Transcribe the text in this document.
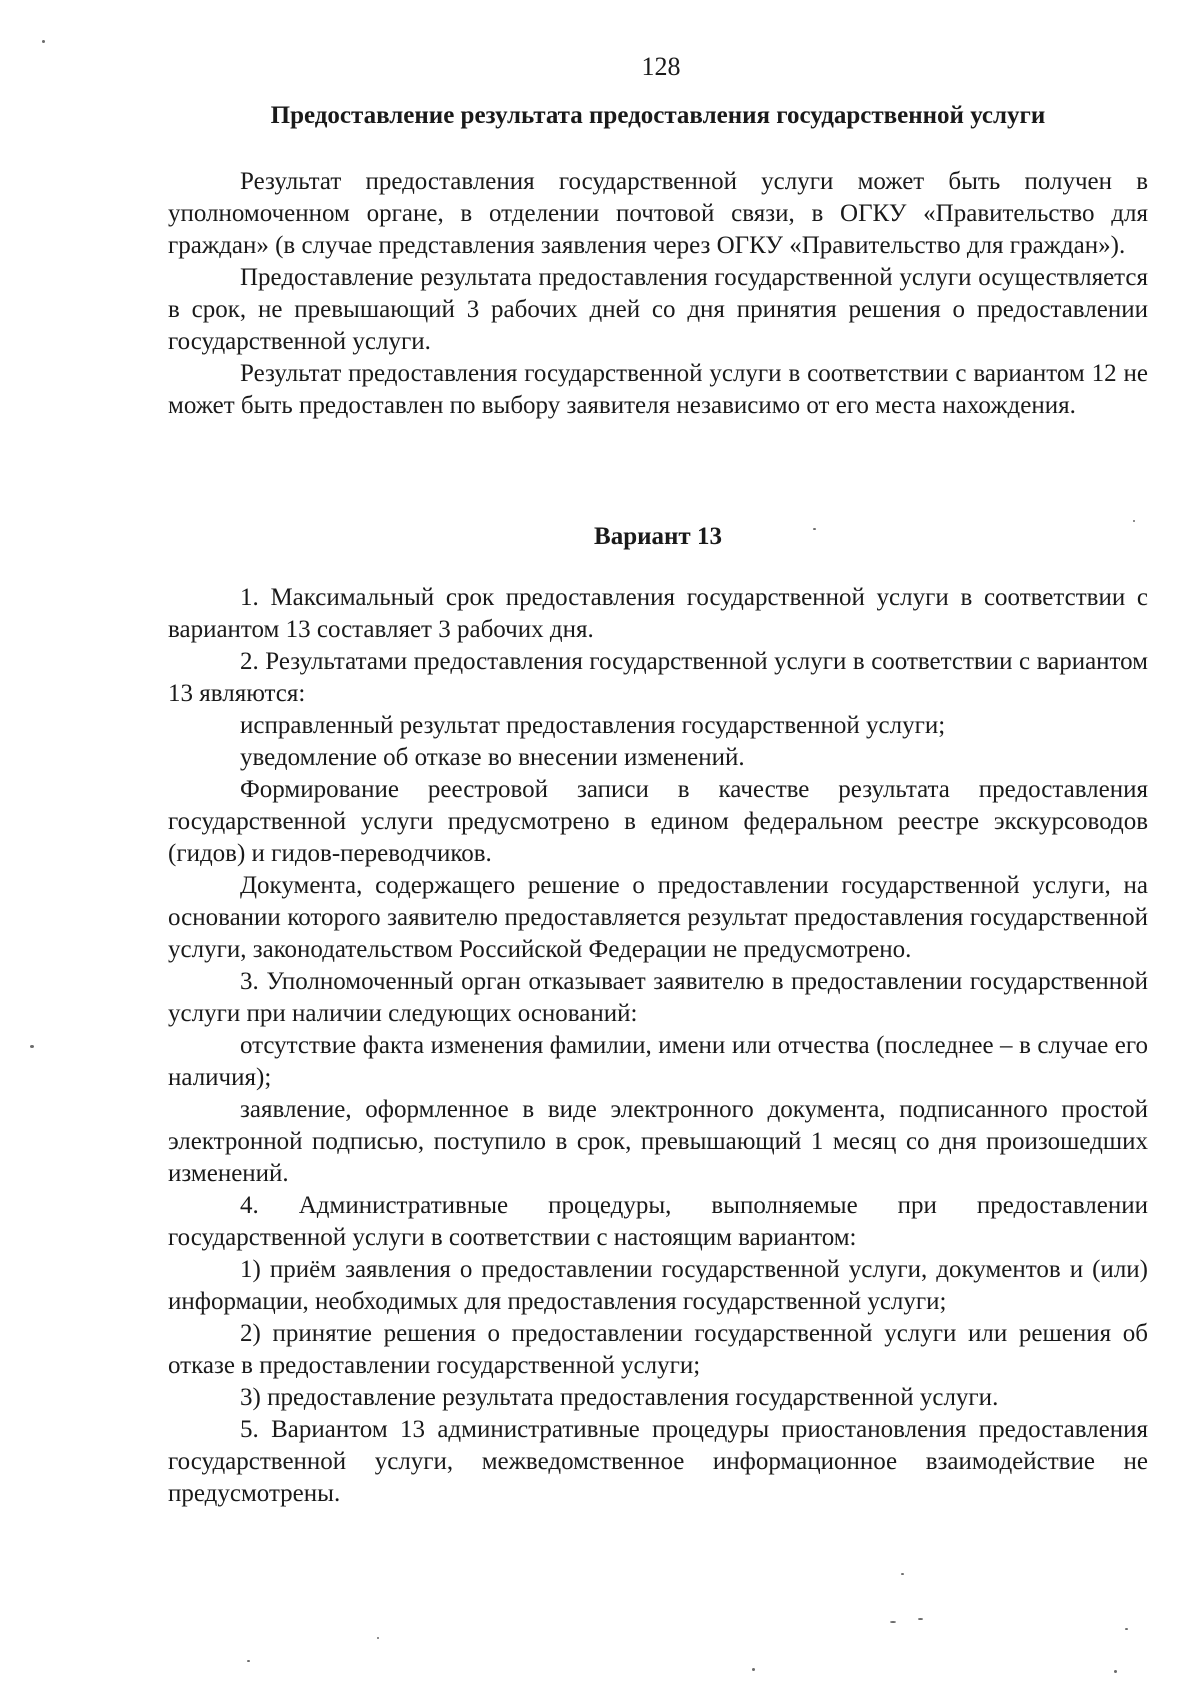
128
Предоставление результата предоставления государственной услуги

Результат предоставления государственной услуги может быть получен в уполномоченном органе, в отделении почтовой связи, в ОГКУ «Правительство для граждан» (в случае представления заявления через ОГКУ «Правительство для граждан»).

Предоставление результата предоставления государственной услуги осуществляется в срок, не превышающий 3 рабочих дней со дня принятия решения о предоставлении государственной услуги.

Результат предоставления государственной услуги в соответствии с вариантом 12 не может быть предоставлен по выбору заявителя независимо от его места нахождения.

Вариант 13

1. Максимальный срок предоставления государственной услуги в соответствии с вариантом 13 составляет 3 рабочих дня.

2. Результатами предоставления государственной услуги в соответствии с вариантом 13 являются:

исправленный результат предоставления государственной услуги;

уведомление об отказе во внесении изменений.

Формирование реестровой записи в качестве результата предоставления государственной услуги предусмотрено в едином федеральном реестре экскурсоводов (гидов) и гидов-переводчиков.

Документа, содержащего решение о предоставлении государственной услуги, на основании которого заявителю предоставляется результат предоставления государственной услуги, законодательством Российской Федерации не предусмотрено.

3. Уполномоченный орган отказывает заявителю в предоставлении государственной услуги при наличии следующих оснований:

отсутствие факта изменения фамилии, имени или отчества (последнее – в случае его наличия);

заявление, оформленное в виде электронного документа, подписанного простой электронной подписью, поступило в срок, превышающий 1 месяц со дня произошедших изменений.

4. Административные процедуры, выполняемые при предоставлении государственной услуги в соответствии с настоящим вариантом:

1) приём заявления о предоставлении государственной услуги, документов и (или) информации, необходимых для предоставления государственной услуги;

2) принятие решения о предоставлении государственной услуги или решения об отказе в предоставлении государственной услуги;

3) предоставление результата предоставления государственной услуги.

5. Вариантом 13 административные процедуры приостановления предоставления государственной услуги, межведомственное информационное взаимодействие не предусмотрены.
